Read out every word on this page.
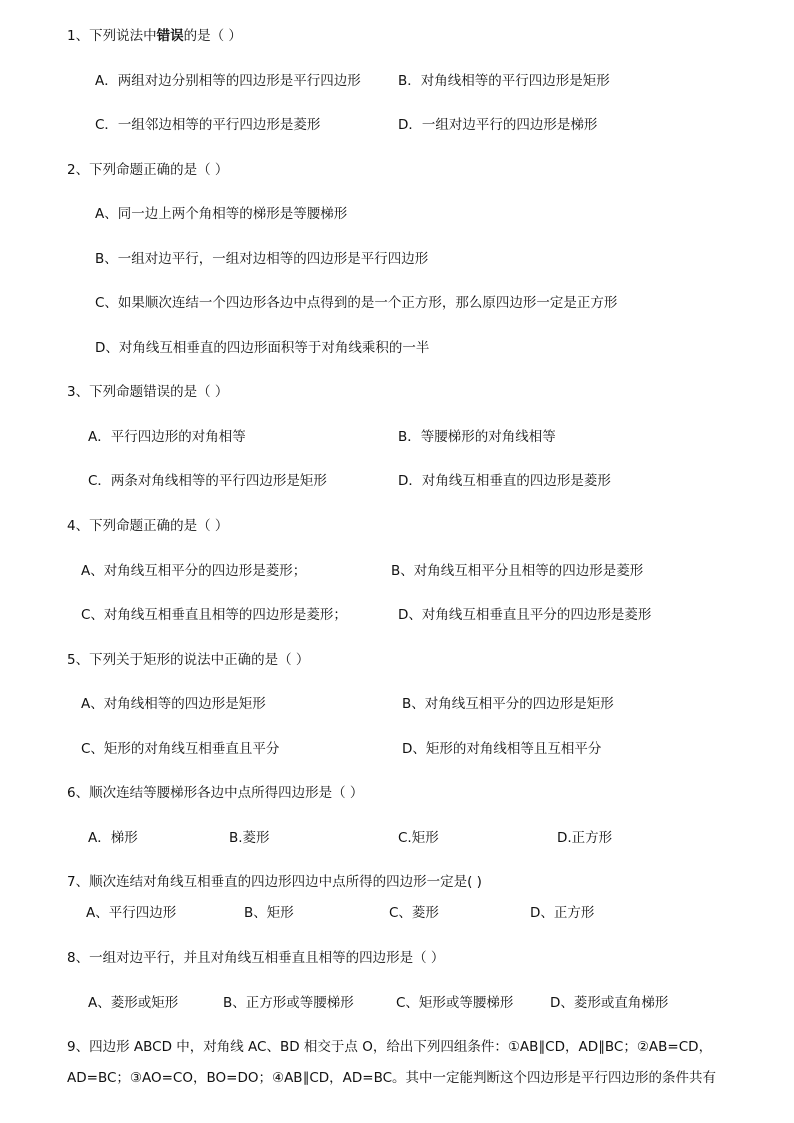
1、下列说法中错误的是（ ）
A．两组对边分别相等的四边形是平行四边形	B．对角线相等的平行四边形是矩形
C．一组邻边相等的平行四边形是菱形	D．一组对边平行的四边形是梯形
2、下列命题正确的是（ ）
A、同一边上两个角相等的梯形是等腰梯形
B、一组对边平行，一组对边相等的四边形是平行四边形
C、如果顺次连结一个四边形各边中点得到的是一个正方形，那么原四边形一定是正方形
D、对角线互相垂直的四边形面积等于对角线乘积的一半
3、下列命题错误的是（ ）
A．平行四边形的对角相等	B．等腰梯形的对角线相等
C．两条对角线相等的平行四边形是矩形	D．对角线互相垂直的四边形是菱形
4、下列命题正确的是（ ）
A、对角线互相平分的四边形是菱形；	B、对角线互相平分且相等的四边形是菱形
C、对角线互相垂直且相等的四边形是菱形；	D、对角线互相垂直且平分的四边形是菱形
5、下列关于矩形的说法中正确的是（ ）
A、对角线相等的四边形是矩形	B、对角线互相平分的四边形是矩形
C、矩形的对角线互相垂直且平分	D、矩形的对角线相等且互相平分
6、顺次连结等腰梯形各边中点所得四边形是（ ）
A．梯形	B.菱形	C.矩形	D.正方形
7、顺次连结对角线互相垂直的四边形四边中点所得的四边形一定是( )
A、平行四边形	B、矩形	C、菱形	D、正方形
8、一组对边平行，并且对角线互相垂直且相等的四边形是（ ）
A、菱形或矩形	B、正方形或等腰梯形	C、矩形或等腰梯形	D、菱形或直角梯形
9、四边形 ABCD 中，对角线 AC、BD 相交于点 O，给出下列四组条件：①AB∥CD，AD∥BC；②AB=CD，
AD=BC；③AO=CO，BO=DO；④AB∥CD，AD=BC。其中一定能判断这个四边形是平行四边形的条件共有
